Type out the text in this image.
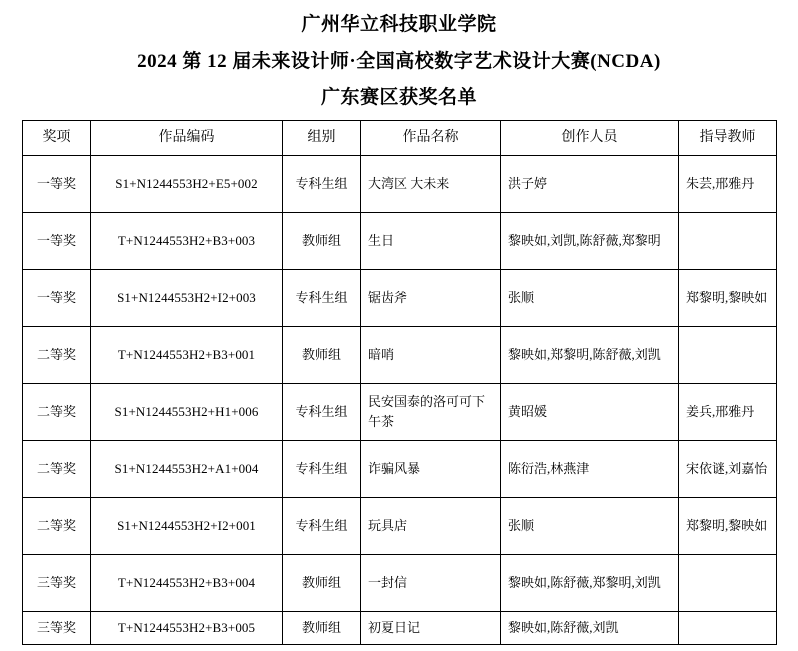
广州华立科技职业学院
2024 第 12 届未来设计师·全国高校数字艺术设计大赛(NCDA)
广东赛区获奖名单
奖项	作品编码	组别	作品名称	创作人员	指导教师
一等奖	S1+N1244553H2+E5+002	专科生组	大湾区 大未来	洪子婷	朱芸,邢雅丹
一等奖	T+N1244553H2+B3+003	教师组	生日	黎映如,刘凯,陈舒薇,郑黎明	
一等奖	S1+N1244553H2+I2+003	专科生组	锯齿斧	张顺	郑黎明,黎映如
二等奖	T+N1244553H2+B3+001	教师组	暗哨	黎映如,郑黎明,陈舒薇,刘凯	
二等奖	S1+N1244553H2+H1+006	专科生组	民安国泰的洛可可下午茶	黄昭媛	姜兵,邢雅丹
二等奖	S1+N1244553H2+A1+004	专科生组	诈骗风暴	陈衍浩,林燕津	宋依谜,刘嘉怡
二等奖	S1+N1244553H2+I2+001	专科生组	玩具店	张顺	郑黎明,黎映如
三等奖	T+N1244553H2+B3+004	教师组	一封信	黎映如,陈舒薇,郑黎明,刘凯	
三等奖	T+N1244553H2+B3+005	教师组	初夏日记	黎映如,陈舒薇,刘凯	
